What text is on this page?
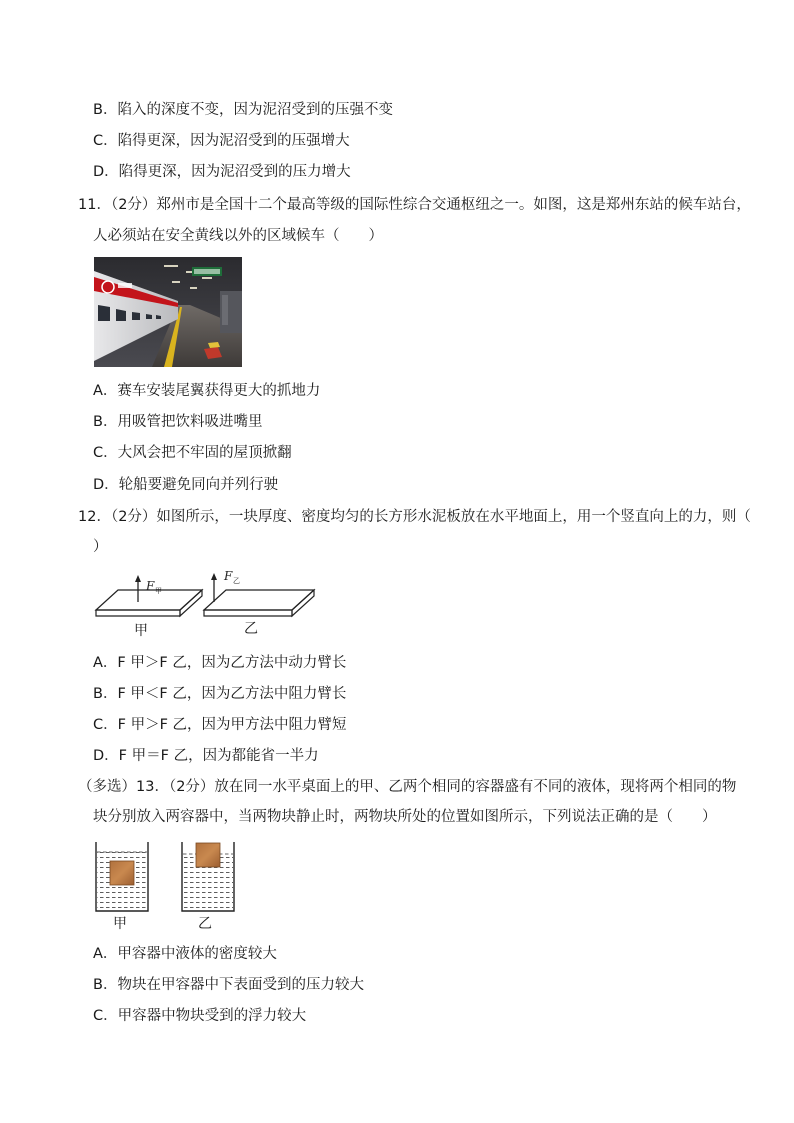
B．陷入的深度不变，因为泥沼受到的压强不变
C．陷得更深，因为泥沼受到的压强增大
D．陷得更深，因为泥沼受到的压力增大
11．（2分）郑州市是全国十二个最高等级的国际性综合交通枢纽之一。如图，这是郑州东站的候车站台，
人必须站在安全黄线以外的区域候车（　　）
A．赛车安装尾翼获得更大的抓地力
B．用吸管把饮料吸进嘴里
C．大风会把不牢固的屋顶掀翻
D．轮船要避免同向并列行驶
12．（2分）如图所示，一块厚度、密度均匀的长方形水泥板放在水平地面上，用一个竖直向上的力，则（
）
F 甲
F 乙
甲	乙
A．F 甲＞F 乙，因为乙方法中动力臂长
B．F 甲＜F 乙，因为乙方法中阻力臂长
C．F 甲＞F 乙，因为甲方法中阻力臂短
D．F 甲＝F 乙，因为都能省一半力
（多选）13．（2分）放在同一水平桌面上的甲、乙两个相同的容器盛有不同的液体，现将两个相同的物
块分别放入两容器中，当两物块静止时，两物块所处的位置如图所示，下列说法正确的是（　　）
甲	乙
A．甲容器中液体的密度较大
B．物块在甲容器中下表面受到的压力较大
C．甲容器中物块受到的浮力较大
